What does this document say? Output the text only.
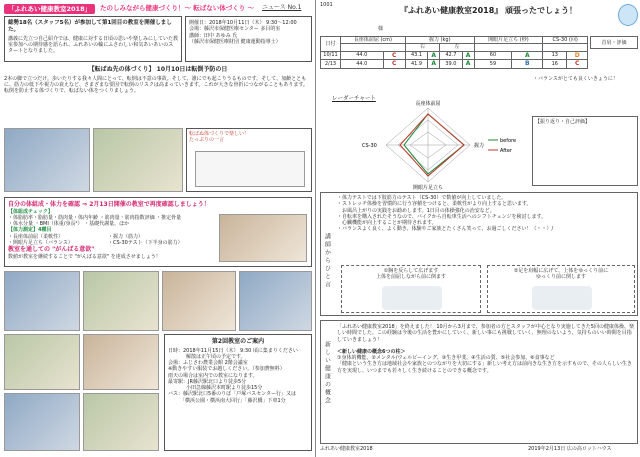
「ふれあい健康教室2018」	たのしみながら健康づくり！～ 転ばない体づくり ～ ニュース No.1
総勢18名（スタッフ5名）が参加して第1回目の教室を開催しました。
講義に先立つ自己紹介では、健康に対する日頃の思いや楽しみにしていた教室参加への期待感を語られ、ふれあいの輪にふさわしい和気あいあいのスタートとなりました。
開催日：2018年10月11日（木） 9:30～12:00
会場：藤沢市保健医療センター 多目的室
講師：田中 あゆみ 氏
（藤沢市保健医療財団 健康運動指導士）
【転ばぬ先の体づくり】 10月10日は転倒予防の日
2本の脚で立つだけ。歩いたりする我々人間にとって、転倒は不意の事故。そして、誰にでも起こりうるものです。そして、加齢とともに、筋力の低下や視力の衰えなど、さまざまな要因で転倒のリスクは高まっていきます。これが大きな骨折につながることもあります。転倒を防止する体づくりで、転ばない体をつくりましょう。
転ばぬ体づくりで楽しい！
たっぷりの一言
自分の体組成・体力を確認 ⇒ 2月13日開催の教室で再度確認しましょう！
【体組成チェック】
・体脂肪率・脂肪量・筋肉量・体内年齢 ・筋肉量・筋肉指数評価 ・推定骨量
・体水分量 ・BMI（体重/身長²） ・基礎代謝量、ほか
【体力測定】4種目
・長座体前屈（柔軟性）	・握力（筋力）
・開眼片足立ち（バランス）	・CS-30テスト（下半身の筋力）
教室を通しての "がんばる意欲"
数値が教室を継続することで "がんばる意欲" を達成させましょう！
第2回教室のご案内
日時：2018年11月15日（木） 9:30 頃に集まりください
解散は正午頃の予定です。
会場：ふじさわ農業会館 2階会議室
※動きやすい服装でお越しください。（参加費無料）
雨天の場合は室内での教室になります。
最寄駅：JR藤沢駅北口より徒歩5分
小田急線藤沢本町駅より徒歩15分
バス：藤沢駅北口5番のりば「戸塚バスセンター行」又は
「横浜公園・横浜南大回行」「藤沢橋」下車1分
1001
『ふれあい健康教室2018』 頑張ったでしょう！
様
日付	長座体前屈 (cm)		握力 (kg)				開眼片足立ち (秒)		CS-30 (回)	
			右		左					
10/11	44.0	C	43.1	A	42.7	A	60	A	13	D
2/13	44.0	C	41.9	A	39.0	A	59	B	16	C
首肩・評価
・バランスがとても良くいきょうに！
レーダーチャート
長座体前屈
握力
開眼片足立ち
CS-30
before
After
【振り返り・自己評価】
講師からひと言
・体力テストでは下肢筋力のテスト（CS-30）で数値が向上していました。
・ストレッチ体操を習慣的に行う容積をつけると、柔軟性がより向上すると思います。
　お風呂上がりの実践をお勧めします。1日目の体操強化の治安など。
・自転車を購入されたそうなので、バイクから自転車生活へのシフトチェンジを検討します。
　心臓機能が向上することが期待されます。
・バランスよく良く、よく動き、体験やご家族とたくさん笑って、お過ごしください！（＾＾）/
①胸を反らして広げます
上体を前屈しながら前に倒ます
②足を肩幅に広げて、上体をゆっくり前に
ゆっくり前に倒します
新しい健康の概念
「ふれあい健康教室2018」を終えました！ 10月から3月まで、参加者の方とスタッフが中心となり実施してきた5回の健康体操、楽しい時間でした。この経験は今後の生活を豊かにしていく、新しい事にも挑戦していく、無理のないよう、気持ちのいい時間を目指していきましょう！
＜新しい健康の概念6つの柱＞
①身体的機能、②メンタル/ウェルビーイング、③生き甲斐、④生活の質、⑤社会参加、⑥食事など
「健康という生き方は地域社会や家族とのつながりを大切にする」新しい考え方は前向きな生き方を示すもので、その人らしい生き方を実現し、いつまでも若々しく生き続けることのできる概念です。
ふれあい健康教室2018	2019年2月13日 広の高ロットハウス
